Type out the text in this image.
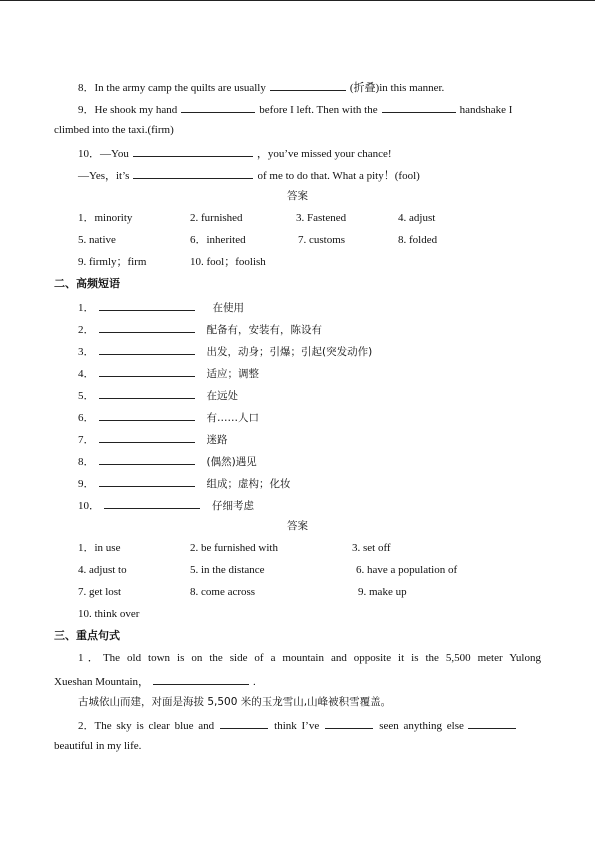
8．In the army camp the quilts are usually	(折叠)in this manner.
9．He shook my hand	before I left. Then with the	handshake I
climbed into the taxi.(firm)
10．—You	，you’ve missed your chance!
—Yes，it’s	of me to do that. What a pity！(fool)
答案
1．minority	2. furnished	3. Fastened	4. adjust
5. native	6．inherited	7. customs	8. folded
9. firmly；firm	10. fool；foolish
二、高频短语
1．	在使用
2．	配备有，安装有，陈设有
3．	出发，动身；引爆；引起(突发动作)
4．	适应；调整
5．	在远处
6．	有……人口
7．	迷路
8．	(偶然)遇见
9．	组成；虚构；化妆
10．	仔细考虑
答案
1．in use	2. be furnished with	3. set off
4. adjust to	5. in the distance	6. have a population of
7. get lost	8. come across	9. make up
10. think over
三、重点句式
1．The old town is on the side of a mountain and opposite it is the 5,500 meter Yulong
Xueshan Mountain，	.
古城依山而建，对面是海拔 5,500 米的玉龙雪山,山峰被积雪覆盖。
2．The sky is clear blue and	think I’ve	seen anything else
beautiful in my life.
